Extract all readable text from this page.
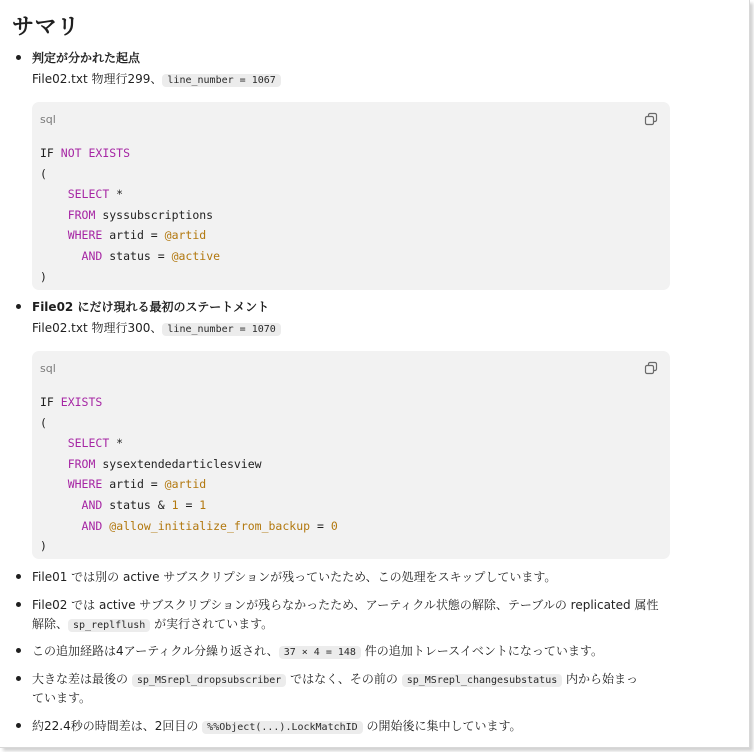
サマリ
判定が分かれた起点
File02.txt 物理行299、 line_number = 1067
sql
IF NOT EXISTS
(
SELECT *
FROM syssubscriptions
WHERE artid = @artid
AND status = @active
)
File02 にだけ現れる最初のステートメント
File02.txt 物理行300、 line_number = 1070
sql
IF EXISTS
(
SELECT *
FROM sysextendedarticlesview
WHERE artid = @artid
AND status & 1 = 1
AND @allow_initialize_from_backup = 0
)
File01 では別の active サブスクリプションが残っていたため、この処理をスキップしています。
File02 では active サブスクリプションが残らなかったため、アーティクル状態の解除、テーブルの replicated 属性
解除、 sp_replflush が実行されています。
この追加経路は4アーティクル分繰り返され、 37 × 4 = 148 件の追加トレースイベントになっています。
大きな差は最後の sp_MSrepl_dropsubscriber ではなく、その前の sp_MSrepl_changesubstatus 内から始まっ
ています。
約22.4秒の時間差は、2回目の %%Object(...).LockMatchID の開始後に集中しています。
